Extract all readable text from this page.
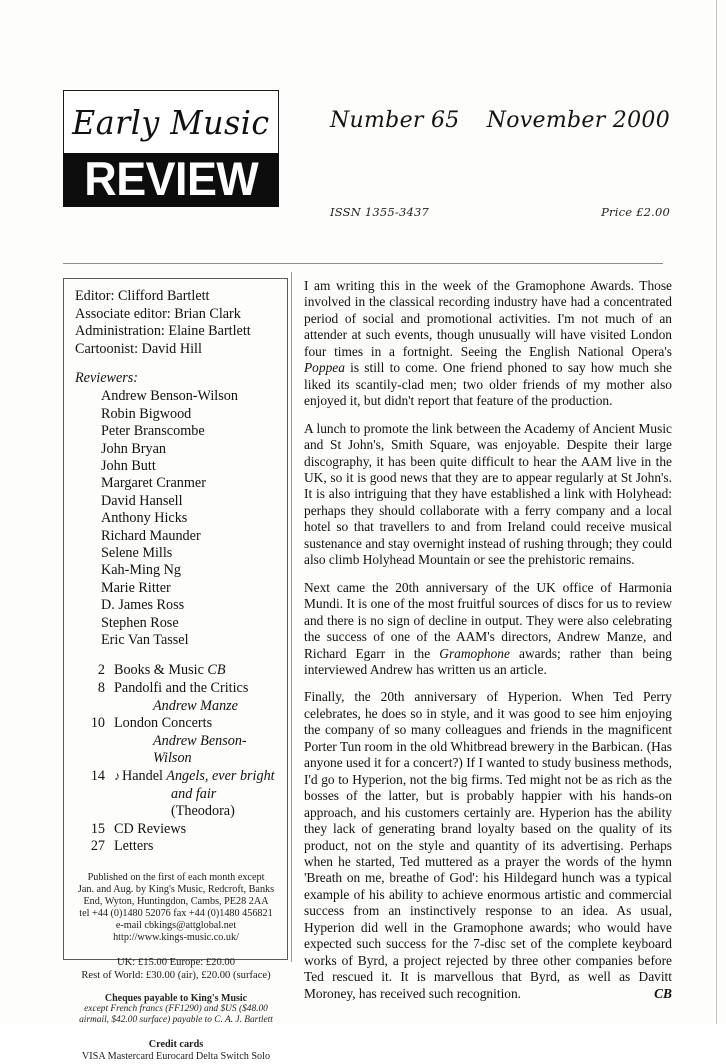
Early Music
REVIEW
Number 65 November 2000
ISSN 1355-3437	Price £2.00
Editor: Clifford Bartlett
Associate editor: Brian Clark
Administration: Elaine Bartlett
Cartoonist: David Hill
Reviewers:
Andrew Benson-Wilson
Robin Bigwood
Peter Branscombe
John Bryan
John Butt
Margaret Cranmer
David Hansell
Anthony Hicks
Richard Maunder
Selene Mills
Kah-Ming Ng
Marie Ritter
D. James Ross
Stephen Rose
Eric Van Tassel
2 Books & Music CB
8 Pandolfi and the Critics
Andrew Manze
10 London Concerts
Andrew Benson-Wilson
14 ♪ Handel Angels, ever bright
and fair (Theodora)
15 CD Reviews
27 Letters
Published on the first of each month except
Jan. and Aug. by King's Music, Redcroft, Banks
End, Wyton, Huntingdon, Cambs, PE28 2AA
tel +44 (0)1480 52076 fax +44 (0)1480 456821
e-mail cbkings@attglobal.net
http://www.kings-music.co.uk/
UK: £15.00 Europe: £20.00
Rest of World: £30.00 (air), £20.00 (surface)
Cheques payable to King's Music
except French francs (FF1290) and $US ($48.00
airmail, $42.00 surface) payable to C. A. J. Bartlett
Credit cards
VISA Mastercard Eurocard Delta Switch Solo

I am writing this in the week of the Gramophone Awards. Those involved in the classical recording industry have had a concentrated period of social and promotional activities. I'm not much of an attender at such events, though unusually will have visited London four times in a fortnight. Seeing the English National Opera's Poppea is still to come. One friend phoned to say how much she liked its scantily-clad men; two older friends of my mother also enjoyed it, but didn't report that feature of the production.

A lunch to promote the link between the Academy of Ancient Music and St John's, Smith Square, was enjoyable. Despite their large discography, it has been quite difficult to hear the AAM live in the UK, so it is good news that they are to appear regularly at St John's. It is also intriguing that they have established a link with Holyhead: perhaps they should collaborate with a ferry company and a local hotel so that travellers to and from Ireland could receive musical sustenance and stay overnight instead of rushing through; they could also climb Holyhead Mountain or see the prehistoric remains.

Next came the 20th anniversary of the UK office of Harmonia Mundi. It is one of the most fruitful sources of discs for us to review and there is no sign of decline in output. They were also celebrating the success of one of the AAM's directors, Andrew Manze, and Richard Egarr in the Gramophone awards; rather than being interviewed Andrew has written us an article.

Finally, the 20th anniversary of Hyperion. When Ted Perry celebrates, he does so in style, and it was good to see him enjoying the company of so many colleagues and friends in the magnificent Porter Tun room in the old Whitbread brewery in the Barbican. (Has anyone used it for a concert?) If I wanted to study business methods, I'd go to Hyperion, not the big firms. Ted might not be as rich as the bosses of the latter, but is probably happier with his hands-on approach, and his customers certainly are. Hyperion has the ability they lack of generating brand loyalty based on the quality of its product, not on the style and quantity of its advertising. Perhaps when he started, Ted muttered as a prayer the words of the hymn 'Breath on me, breathe of God': his Hildegard hunch was a typical example of his ability to achieve enormous artistic and commercial success from an instinctively response to an idea. As usual, Hyperion did well in the Gramophone awards; who would have expected such success for the 7-disc set of the complete keyboard works of Byrd, a project rejected by three other companies before Ted rescued it. It is marvellous that Byrd, as well as Davitt Moroney, has received such recognition.	CB
